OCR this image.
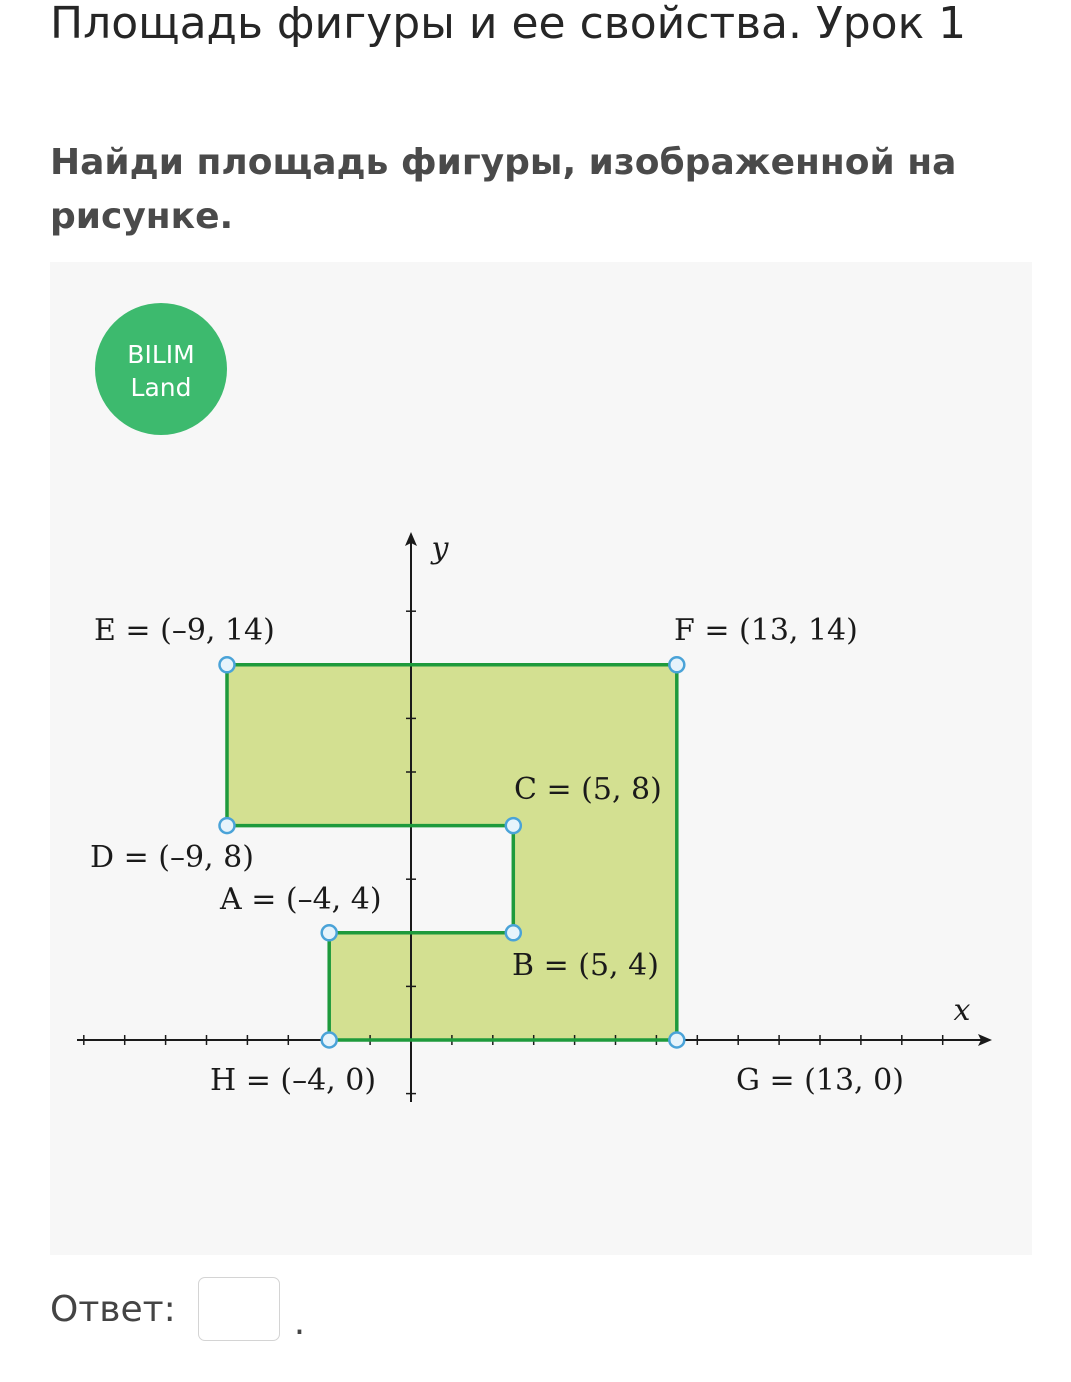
Площадь фигуры и ее свойства. Урок 1

Найди площадь фигуры, изображенной на рисунке.

BILIM
Land
x
y
E = (–9, 14)	F = (13, 14)
C = (5, 8)
D = (–9, 8)
A = (–4, 4)
B = (5, 4)
H = (–4, 0)	G = (13, 0)
Ответ:	.
